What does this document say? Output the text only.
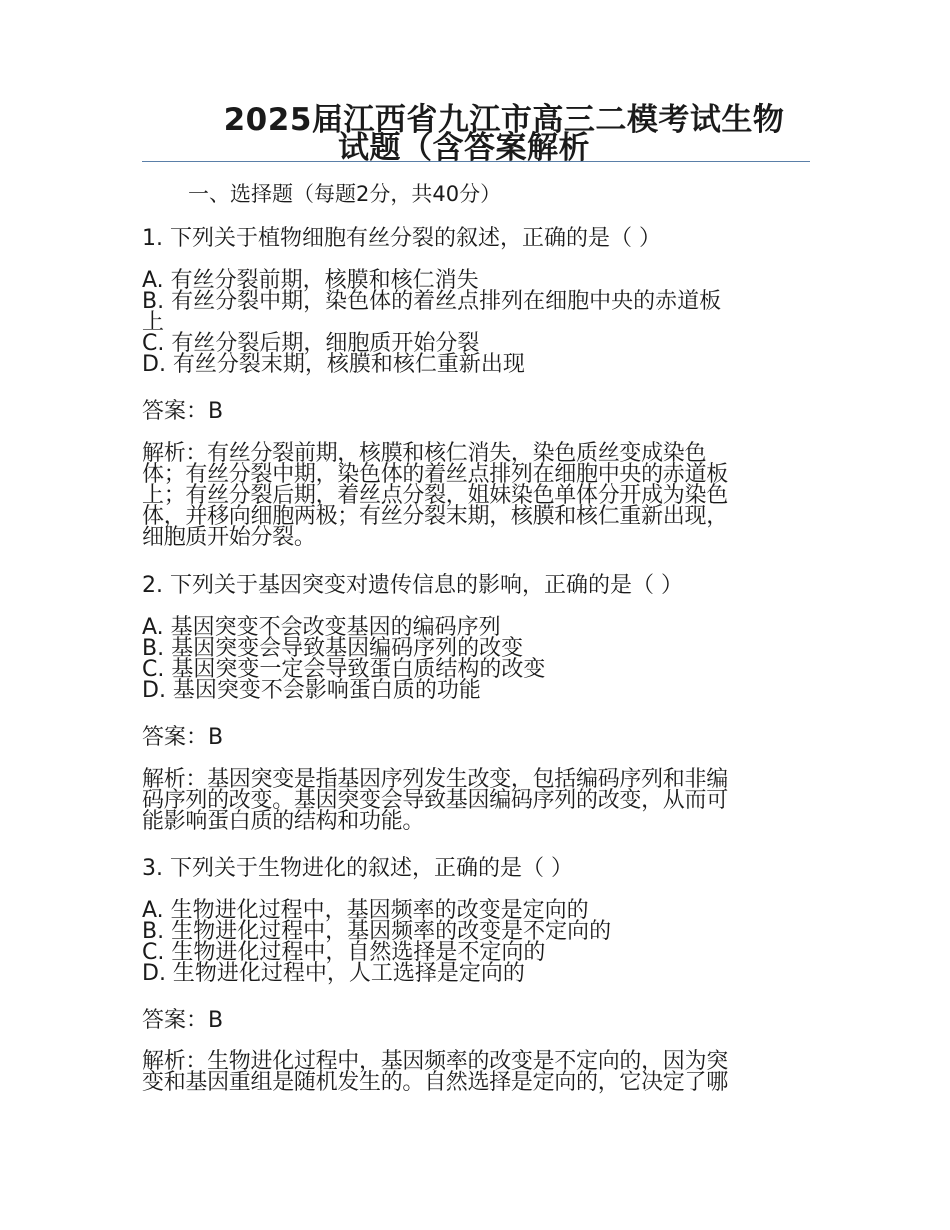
2025届江西省九江市高三二模考试生物
试题（含答案解析
一、选择题（每题2分，共40分）
1. 下列关于植物细胞有丝分裂的叙述，正确的是（ ）
A. 有丝分裂前期，核膜和核仁消失
B. 有丝分裂中期，染色体的着丝点排列在细胞中央的赤道板
上
C. 有丝分裂后期，细胞质开始分裂
D. 有丝分裂末期，核膜和核仁重新出现
答案：B
解析：有丝分裂前期，核膜和核仁消失，染色质丝变成染色
体；有丝分裂中期，染色体的着丝点排列在细胞中央的赤道板
上；有丝分裂后期，着丝点分裂，姐妹染色单体分开成为染色
体，并移向细胞两极；有丝分裂末期，核膜和核仁重新出现，
细胞质开始分裂。
2. 下列关于基因突变对遗传信息的影响，正确的是（ ）
A. 基因突变不会改变基因的编码序列
B. 基因突变会导致基因编码序列的改变
C. 基因突变一定会导致蛋白质结构的改变
D. 基因突变不会影响蛋白质的功能
答案：B
解析：基因突变是指基因序列发生改变，包括编码序列和非编
码序列的改变。基因突变会导致基因编码序列的改变，从而可
能影响蛋白质的结构和功能。
3. 下列关于生物进化的叙述，正确的是（ ）
A. 生物进化过程中，基因频率的改变是定向的
B. 生物进化过程中，基因频率的改变是不定向的
C. 生物进化过程中，自然选择是不定向的
D. 生物进化过程中，人工选择是定向的
答案：B
解析：生物进化过程中，基因频率的改变是不定向的，因为突
变和基因重组是随机发生的。自然选择是定向的，它决定了哪
